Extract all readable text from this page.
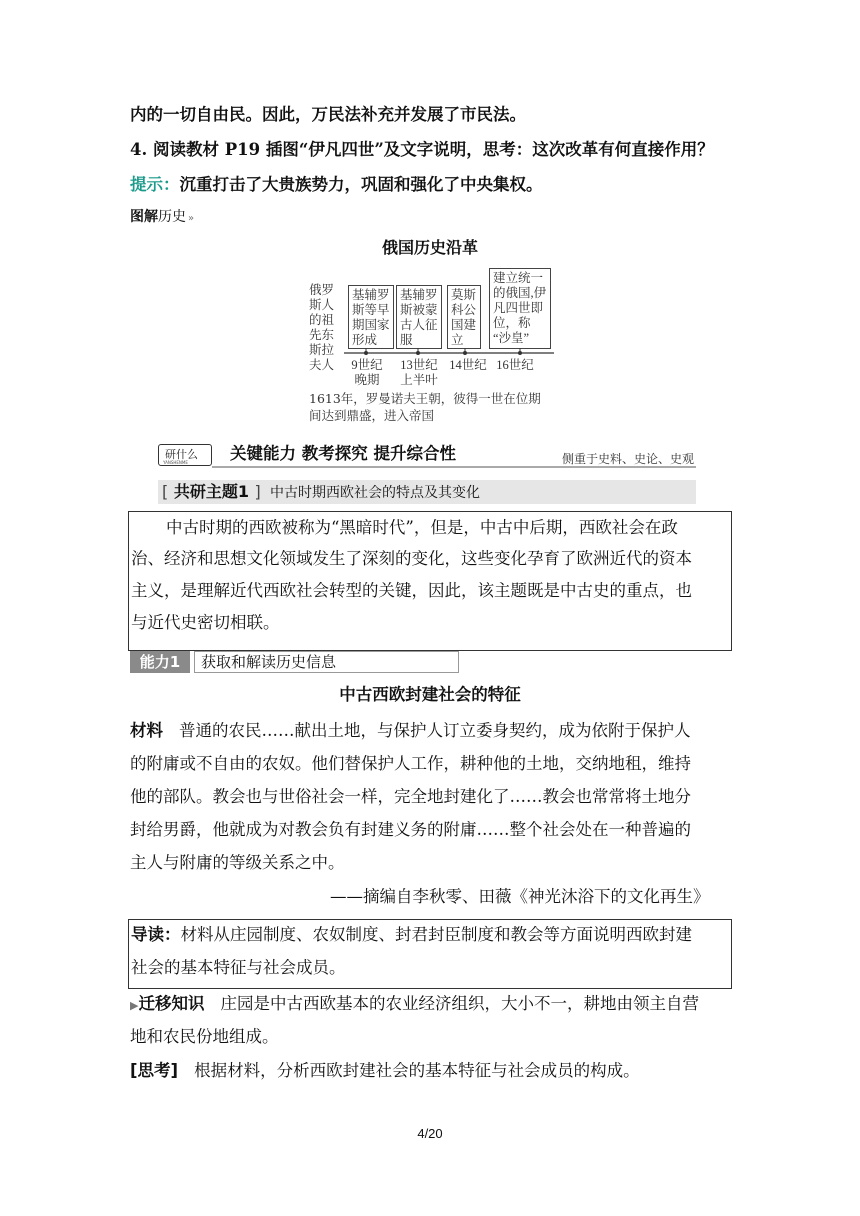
内的一切自由民。因此，万民法补充并发展了市民法。
4. 阅读教材 P19 插图“伊凡四世”及文字说明，思考：这次改革有何直接作用？
提示：沉重打击了大贵族势力，巩固和强化了中央集权。
图解历史 »
俄国历史沿革
俄罗
斯人
的祖
先东
斯拉
夫人
基辅罗
斯等早
期国家
形成
基辅罗
斯被蒙
古人征
服
莫斯
科公
国建
立
建立统一
的俄国,伊
凡四世即
位，称
“沙皇”
9世纪
晚期
13世纪
上半叶
14世纪 16世纪
1613年，罗曼诺夫王朝，彼得一世在位期
间达到鼎盛，进入帝国
研什么
YANSHENME	关键能力 教考探究 提升综合性	侧重于史料、史论、史观
[ 共研主题1 ] 中古时期西欧社会的特点及其变化
中古时期的西欧被称为“黑暗时代”，但是，中古中后期，西欧社会在政
治、经济和思想文化领域发生了深刻的变化，这些变化孕育了欧洲近代的资本
主义，是理解近代西欧社会转型的关键，因此，该主题既是中古史的重点，也
与近代史密切相联。
能力1	获取和解读历史信息
中古西欧封建社会的特征
材料 普通的农民……献出土地，与保护人订立委身契约，成为依附于保护人
的附庸或不自由的农奴。他们替保护人工作，耕种他的土地，交纳地租，维持
他的部队。教会也与世俗社会一样，完全地封建化了……教会也常常将土地分
封给男爵，他就成为对教会负有封建义务的附庸……整个社会处在一种普遍的
主人与附庸的等级关系之中。
——摘编自李秋零、田薇《神光沐浴下的文化再生》
导读：材料从庄园制度、农奴制度、封君封臣制度和教会等方面说明西欧封建
社会的基本特征与社会成员。
▶迁移知识 庄园是中古西欧基本的农业经济组织，大小不一，耕地由领主自营
地和农民份地组成。
[思考] 根据材料，分析西欧封建社会的基本特征与社会成员的构成。
4/20
